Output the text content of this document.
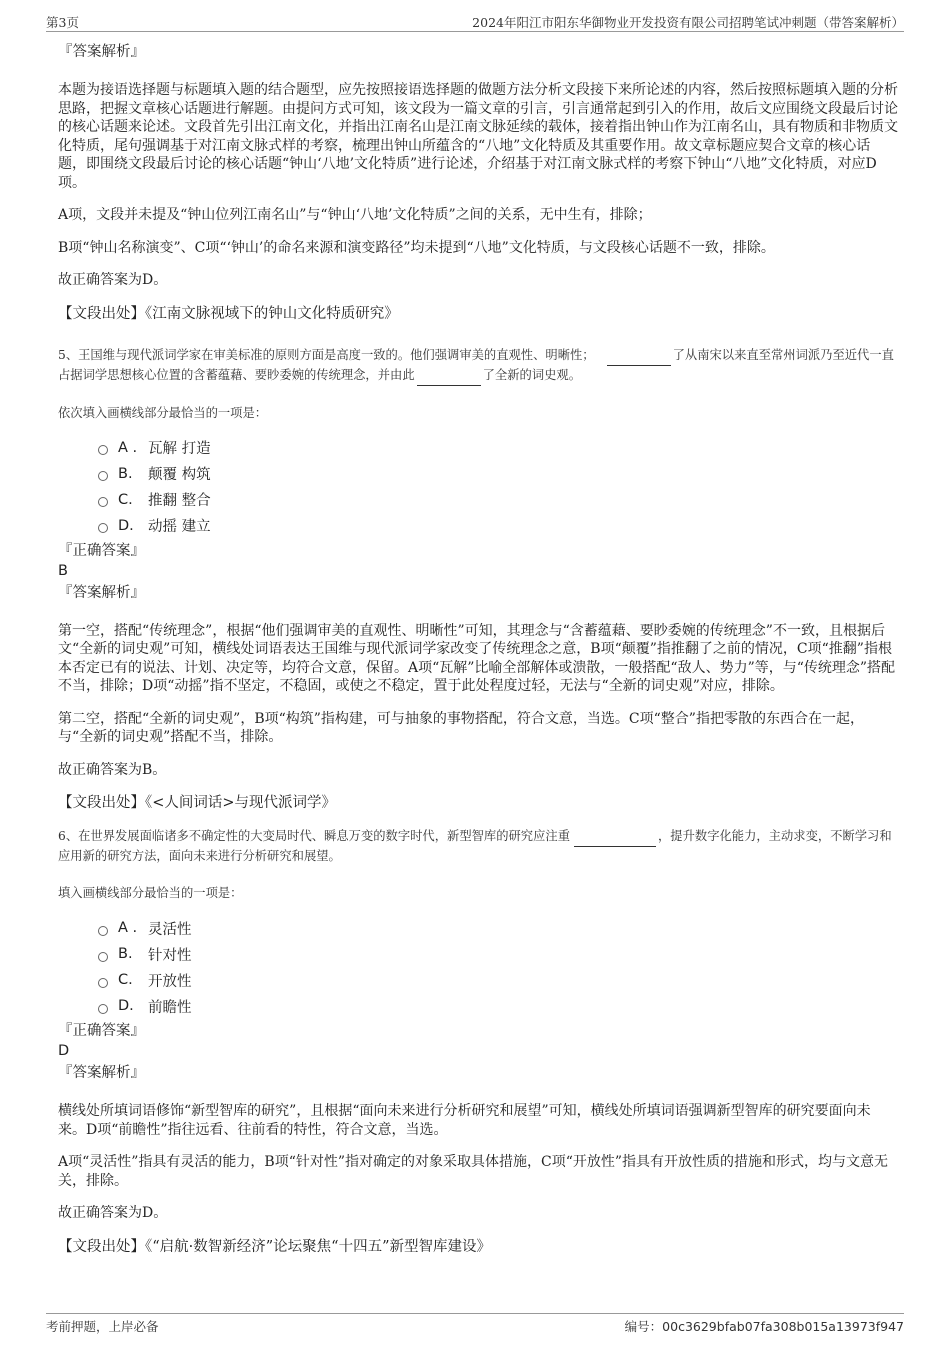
第3页	2024年阳江市阳东华御物业开发投资有限公司招聘笔试冲刺题（带答案解析）

『答案解析』

本题为接语选择题与标题填入题的结合题型，应先按照接语选择题的做题方法分析文段接下来所论述的内容，然后按照标题填入题的分析思路，把握文章核心话题进行解题。由提问方式可知，该文段为一篇文章的引言，引言通常起到引入的作用，故后文应围绕文段最后讨论的核心话题来论述。文段首先引出江南文化，并指出江南名山是江南文脉延续的载体，接着指出钟山作为江南名山，具有物质和非物质文化特质，尾句强调基于对江南文脉式样的考察，梳理出钟山所蕴含的“八地”文化特质及其重要作用。故文章标题应契合文章的核心话题，即围绕文段最后讨论的核心话题“钟山‘八地’文化特质”进行论述，介绍基于对江南文脉式样的考察下钟山“八地”文化特质，对应D项。

A项，文段并未提及“钟山位列江南名山”与“钟山‘八地’文化特质”之间的关系，无中生有，排除；

B项“钟山名称演变”、C项“‘钟山’的命名来源和演变路径”均未提到“八地”文化特质，与文段核心话题不一致，排除。

故正确答案为D。

【文段出处】《江南文脉视域下的钟山文化特质研究》

5、王国维与现代派词学家在审美标准的原则方面是高度一致的。他们强调审美的直观性、明晰性；	了从南宋以来直至常州词派乃至近代一直占据词学思想核心位置的含蓄蕴藉、要眇委婉的传统理念，并由此	了全新的词史观。

依次填入画横线部分最恰当的一项是：

A . 瓦解 打造
B.	颠覆 构筑
C.	推翻 整合
D. 动摇 建立

『正确答案』

B

『答案解析』

第一空，搭配“传统理念”，根据“他们强调审美的直观性、明晰性”可知，其理念与“含蓄蕴藉、要眇委婉的传统理念”不一致，且根据后文“全新的词史观”可知，横线处词语表达王国维与现代派词学家改变了传统理念之意，B项“颠覆”指推翻了之前的情况，C项“推翻”指根本否定已有的说法、计划、决定等，均符合文意，保留。A项“瓦解”比喻全部解体或溃散，一般搭配“敌人、势力”等，与“传统理念”搭配不当，排除；D项“动摇”指不坚定，不稳固，或使之不稳定，置于此处程度过轻，无法与“全新的词史观”对应，排除。

第二空，搭配“全新的词史观”，B项“构筑”指构建，可与抽象的事物搭配，符合文意，当选。C项“整合”指把零散的东西合在一起，与“全新的词史观”搭配不当，排除。

故正确答案为B。

【文段出处】《<人间词话>与现代派词学》

6、在世界发展面临诸多不确定性的大变局时代、瞬息万变的数字时代，新型智库的研究应注重	，提升数字化能力，主动求变，不断学习和应用新的研究方法，面向未来进行分析研究和展望。

填入画横线部分最恰当的一项是：

A . 灵活性
B.	针对性
C.	开放性
D. 前瞻性

『正确答案』

D

『答案解析』

横线处所填词语修饰“新型智库的研究”，且根据“面向未来进行分析研究和展望”可知，横线处所填词语强调新型智库的研究要面向未来。D项“前瞻性”指往远看、往前看的特性，符合文意，当选。

A项“灵活性”指具有灵活的能力，B项“针对性”指对确定的对象采取具体措施，C项“开放性”指具有开放性质的措施和形式，均与文意无关，排除。

故正确答案为D。

【文段出处】《“启航·数智新经济”论坛聚焦“十四五”新型智库建设》

考前押题，上岸必备	编号：00c3629bfab07fa308b015a13973f947
